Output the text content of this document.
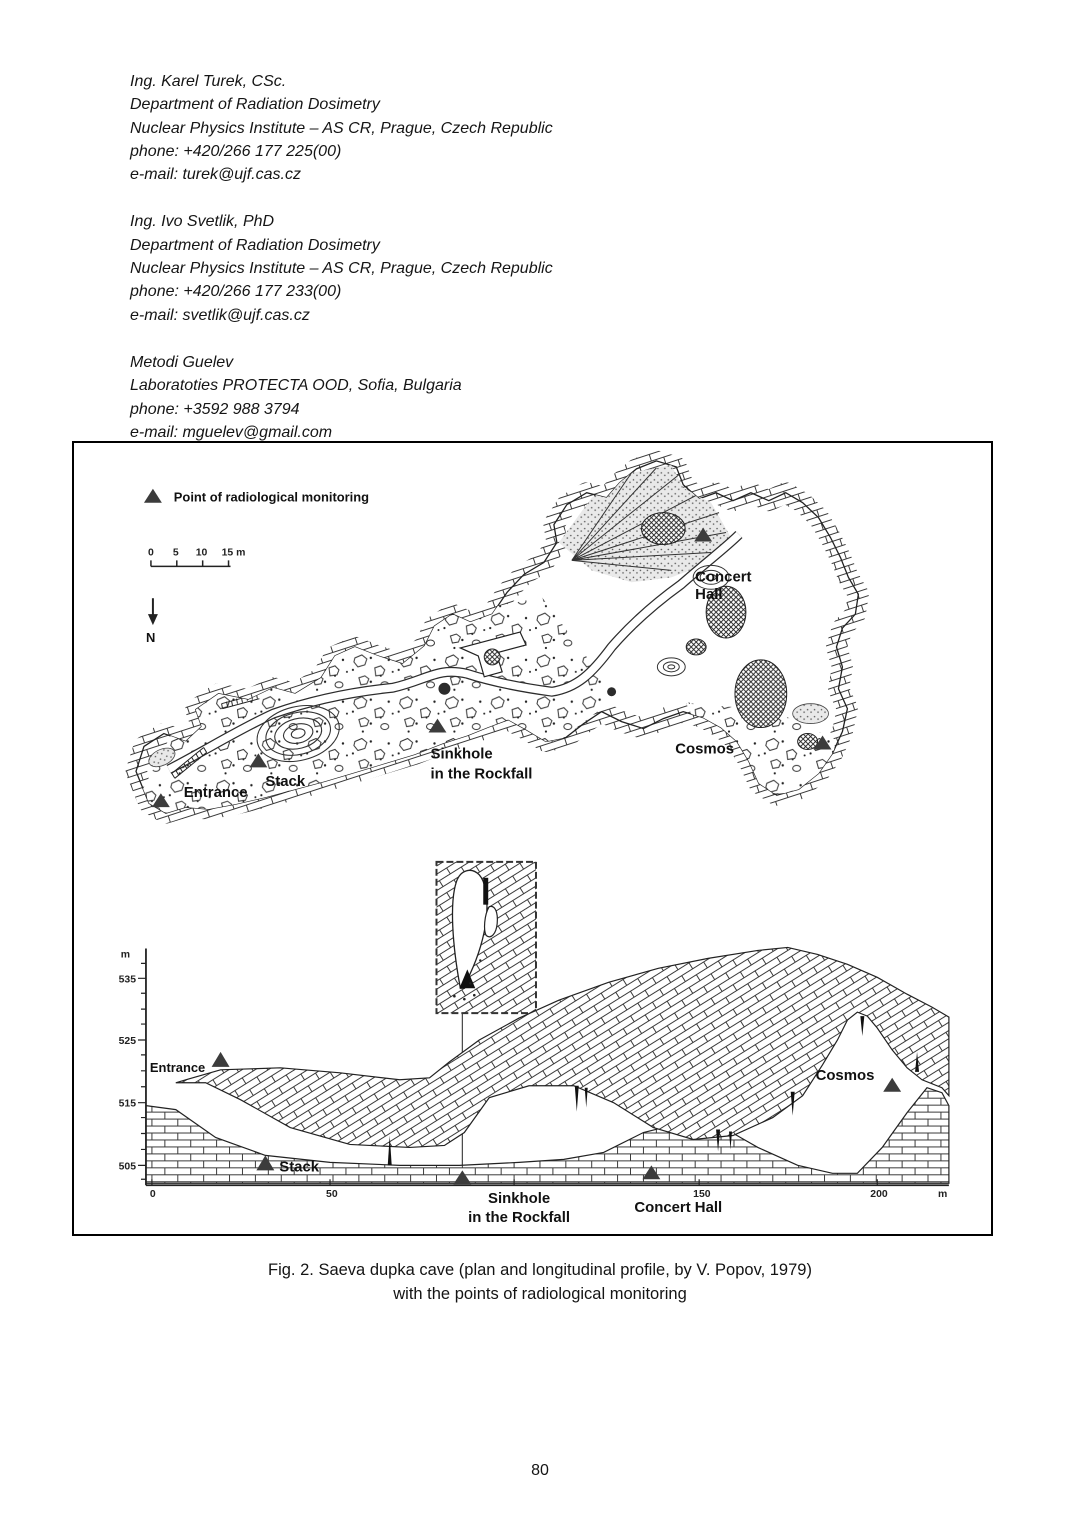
Ing. Karel Turek, CSc.
Department of Radiation Dosimetry
Nuclear Physics Institute – AS CR, Prague, Czech Republic
phone: +420/266 177 225(00)
e-mail: turek@ujf.cas.cz
Ing. Ivo Svetlik, PhD
Department of Radiation Dosimetry
Nuclear Physics Institute – AS CR, Prague, Czech Republic
phone: +420/266 177 233(00)
e-mail: svetlik@ujf.cas.cz
Metodi Guelev
Laboratoties PROTECTA OOD, Sofia, Bulgaria
phone: +3592 988 3794
e-mail: mguelev@gmail.com
Concert
Hall
Cosmos
Sinkhole
in the Rockfall
Stack
Entrance
Point of radiological monitoring
0 5 10 15 m
N
m
535
525
515
505
0	50	150	200	m
Entrance
Stack
Sinkhole
in the Rockfall
Concert Hall
Cosmos
Fig. 2. Saeva dupka cave (plan and longitudinal profile, by V. Popov, 1979)
with the points of radiological monitoring
80
